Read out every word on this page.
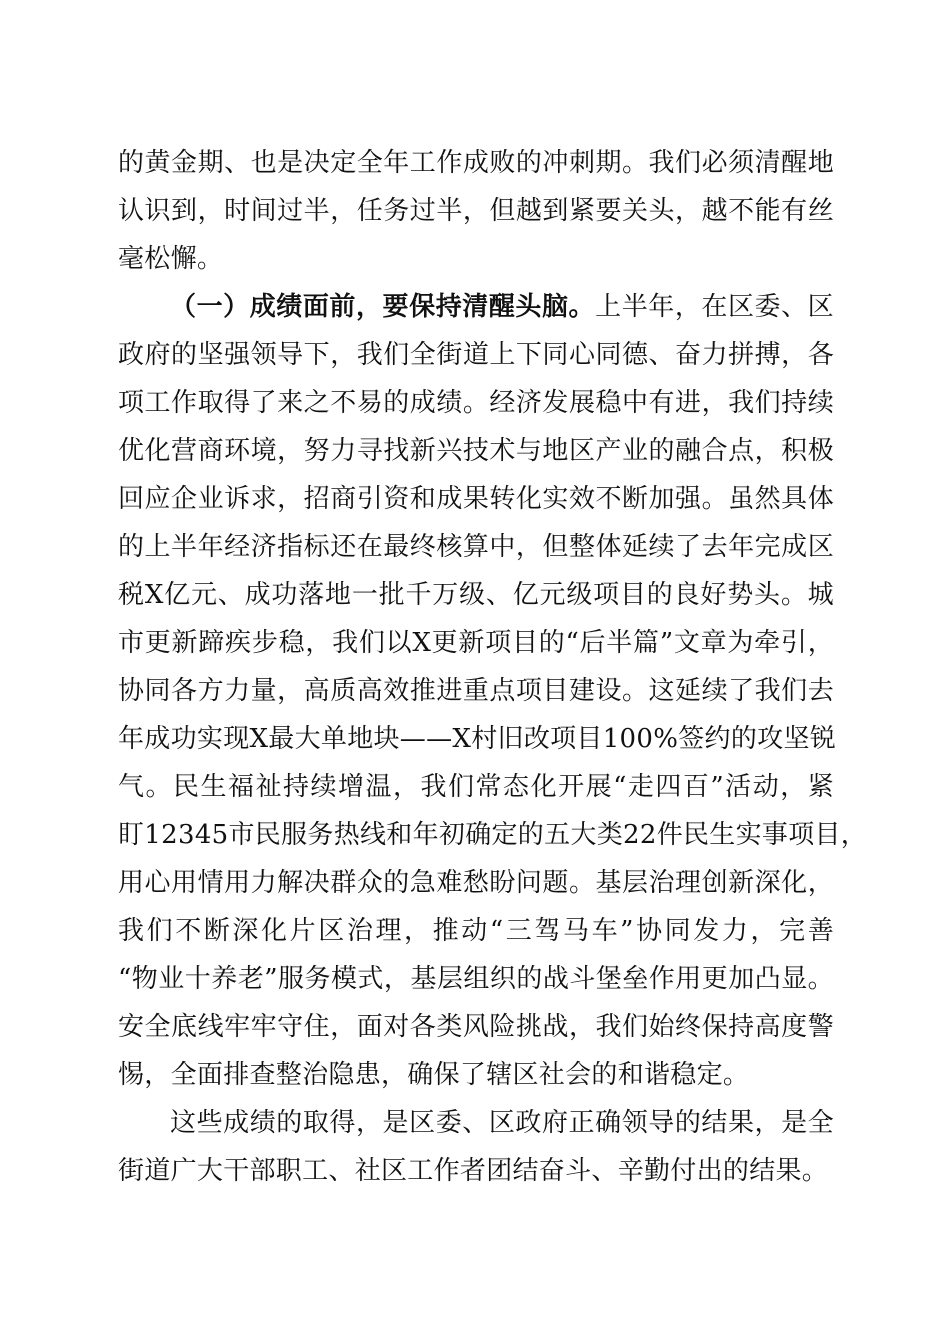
的黄金期、也是决定全年工作成败的冲刺期。我们必须清醒地
认识到，时间过半，任务过半，但越到紧要关头，越不能有丝
毫松懈。
（一）成绩面前，要保持清醒头脑。上半年，在区委、区
政府的坚强领导下，我们全街道上下同心同德、奋力拼搏，各
项工作取得了来之不易的成绩。经济发展稳中有进，我们持续
优化营商环境，努力寻找新兴技术与地区产业的融合点，积极
回应企业诉求，招商引资和成果转化实效不断加强。虽然具体
的上半年经济指标还在最终核算中，但整体延续了去年完成区
税X亿元、成功落地一批千万级、亿元级项目的良好势头。城
市更新蹄疾步稳，我们以X更新项目的“后半篇”文章为牵引，
协同各方力量，高质高效推进重点项目建设。这延续了我们去
年成功实现X最大单地块——X村旧改项目100%签约的攻坚锐
气。民生福祉持续增温，我们常态化开展“走四百”活动，紧
盯12345市民服务热线和年初确定的五大类22件民生实事项目，
用心用情用力解决群众的急难愁盼问题。基层治理创新深化，
我们不断深化片区治理，推动“三驾马车”协同发力，完善
“物业十养老”服务模式，基层组织的战斗堡垒作用更加凸显。
安全底线牢牢守住，面对各类风险挑战，我们始终保持高度警
惕，全面排查整治隐患，确保了辖区社会的和谐稳定。
这些成绩的取得，是区委、区政府正确领导的结果，是全
街道广大干部职工、社区工作者团结奋斗、辛勤付出的结果。
